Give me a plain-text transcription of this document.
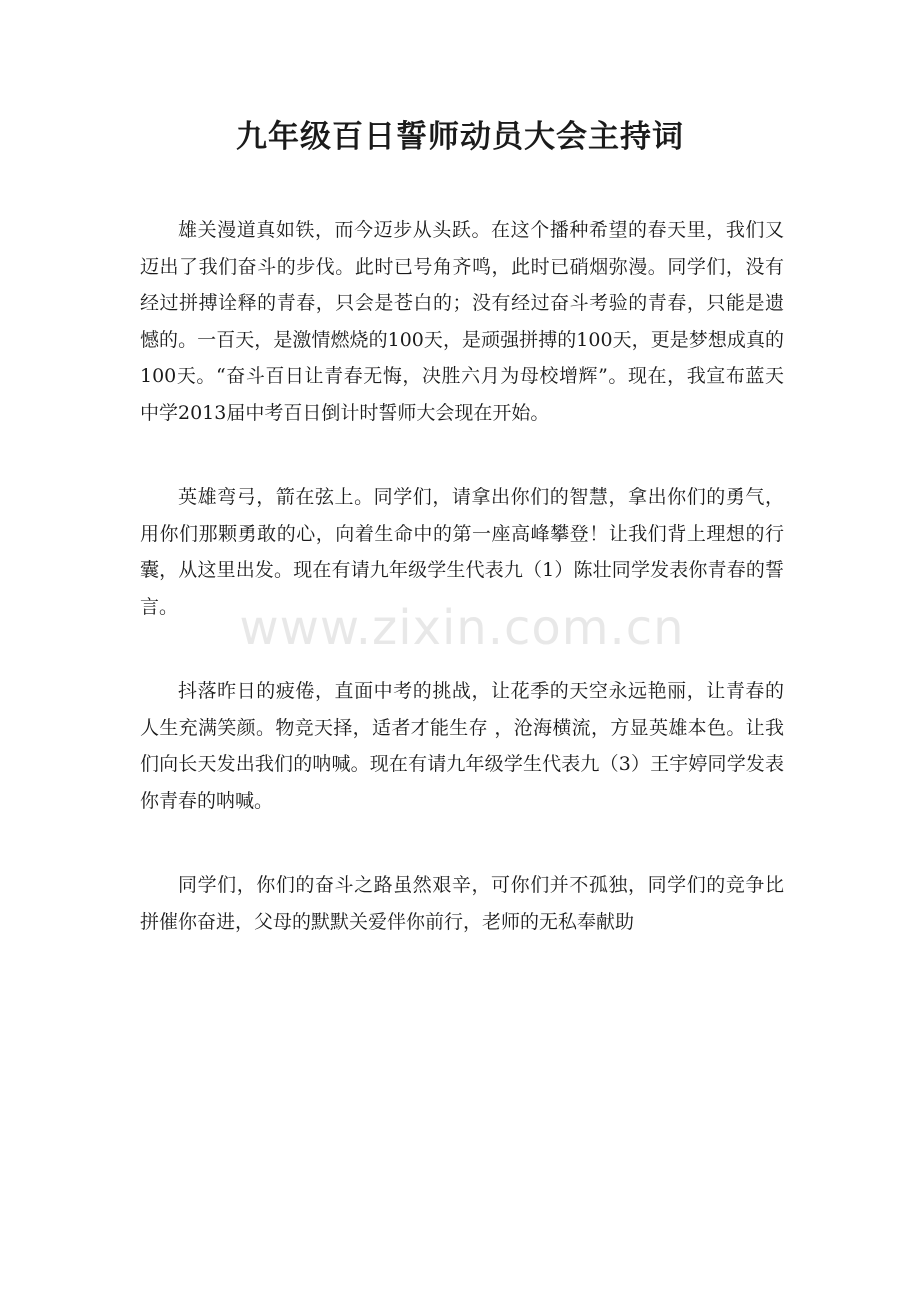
九年级百日誓师动员大会主持词

雄关漫道真如铁，而今迈步从头跃。在这个播种希望的春天里，我们又迈出了我们奋斗的步伐。此时已号角齐鸣，此时已硝烟弥漫。同学们，没有经过拼搏诠释的青春，只会是苍白的；没有经过奋斗考验的青春，只能是遗憾的。一百天，是激情燃烧的100天，是顽强拼搏的100天，更是梦想成真的100天。“奋斗百日让青春无悔，决胜六月为母校增辉”。现在，我宣布蓝天中学2013届中考百日倒计时誓师大会现在开始。

英雄弯弓，箭在弦上。同学们，请拿出你们的智慧，拿出你们的勇气，用你们那颗勇敢的心，向着生命中的第一座高峰攀登！让我们背上理想的行囊，从这里出发。现在有请九年级学生代表九（1）陈壮同学发表你青春的誓言。

抖落昨日的疲倦，直面中考的挑战，让花季的天空永远艳丽，让青春的人生充满笑颜。物竞天择，适者才能生存 ，沧海横流，方显英雄本色。让我们向长天发出我们的呐喊。现在有请九年级学生代表九（3）王宇婷同学发表你青春的呐喊。

同学们，你们的奋斗之路虽然艰辛，可你们并不孤独，同学们的竞争比拼催你奋进，父母的默默关爱伴你前行，老师的无私奉献助

www.zixin.com.cn
